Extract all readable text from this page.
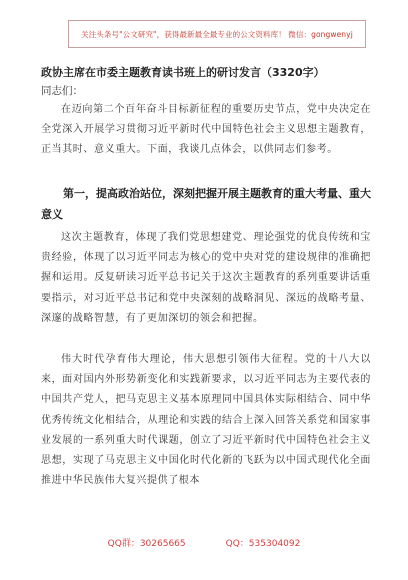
关注头条号"公文研究"，获得最新最全最专业的公文资料库！ 微信：gongwenyj
政协主席在市委主题教育读书班上的研讨发言（3320字）
同志们：

在迈向第二个百年奋斗目标新征程的重要历史节点，党中央决定在全党深入开展学习贯彻习近平新时代中国特色社会主义思想主题教育，正当其时、意义重大。下面，我谈几点体会，以供同志们参考。

第一，提高政治站位，深刻把握开展主题教育的重大考量、重大意义

这次主题教育，体现了我们党思想建党、理论强党的优良传统和宝贵经验，体现了以习近平同志为核心的党中央对党的建设规律的准确把握和运用。反复研读习近平总书记关于这次主题教育的系列重要讲话重要指示，对习近平总书记和党中央深刻的战略洞见、深远的战略考量、深邃的战略智慧，有了更加深切的领会和把握。

伟大时代孕育伟大理论，伟大思想引领伟大征程。党的十八大以来，面对国内外形势新变化和实践新要求，以习近平同志为主要代表的中国共产党人，把马克思主义基本原理同中国具体实际相结合、同中华优秀传统文化相结合，从理论和实践的结合上深入回答关系党和国家事业发展的一系列重大时代课题，创立了习近平新时代中国特色社会主义思想，实现了马克思主义中国化时代化新的飞跃为以中国式现代化全面推进中华民族伟大复兴提供了根本

QQ群：30265665	QQ：535304092
